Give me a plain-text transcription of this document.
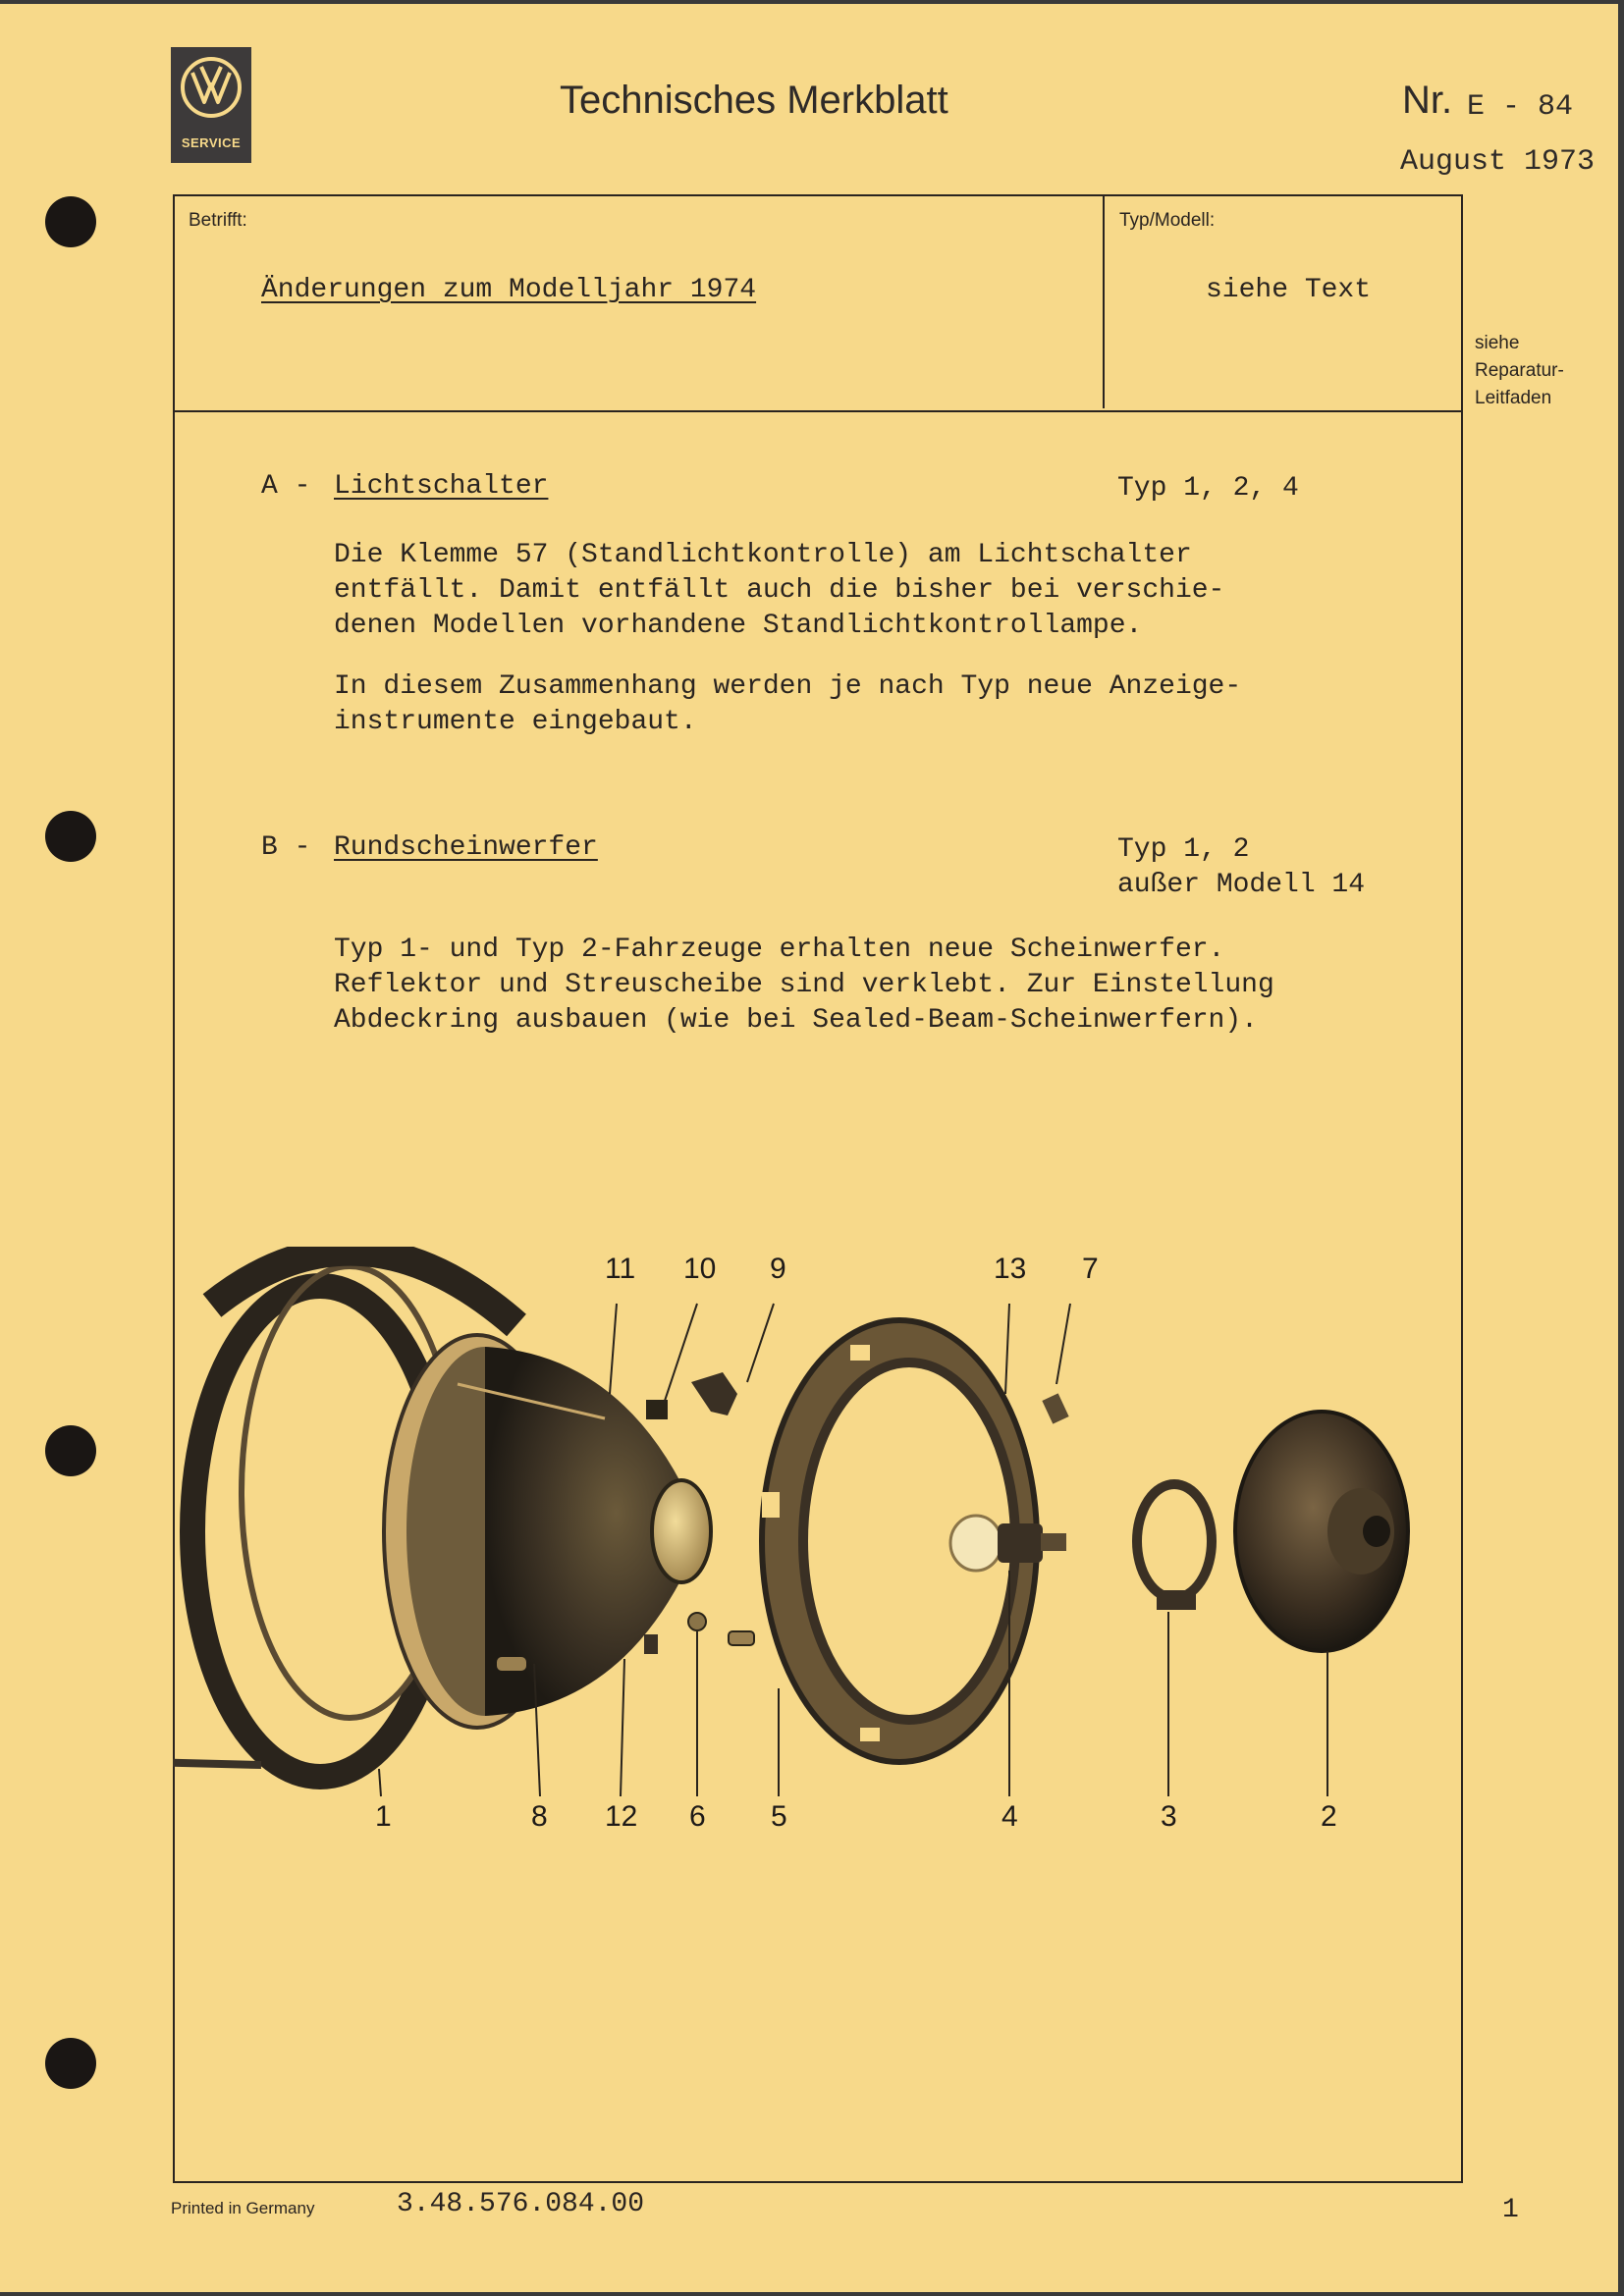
SERVICE
Technisches Merkblatt	Nr. E - 84
August 1973
Betrifft:
Änderungen zum Modelljahr 1974
Typ/Modell:
siehe Text
siehe
Reparatur-
Leitfaden
A - Lichtschalter	Typ 1, 2, 4
Die Klemme 57 (Standlichtkontrolle) am Lichtschalter
entfällt. Damit entfällt auch die bisher bei verschie-
denen Modellen vorhandene Standlichtkontrollampe.
In diesem Zusammenhang werden je nach Typ neue Anzeige-
instrumente eingebaut.
B - Rundscheinwerfer	Typ 1, 2
außer Modell 14
Typ 1- und Typ 2-Fahrzeuge erhalten neue Scheinwerfer.
Reflektor und Streuscheibe sind verklebt. Zur Einstellung
Abdeckring ausbauen (wie bei Sealed-Beam-Scheinwerfern).
11 10 9	13 7
1	8 12 6 5	4	3	2
Printed in Germany	3.48.576.084.00	1
